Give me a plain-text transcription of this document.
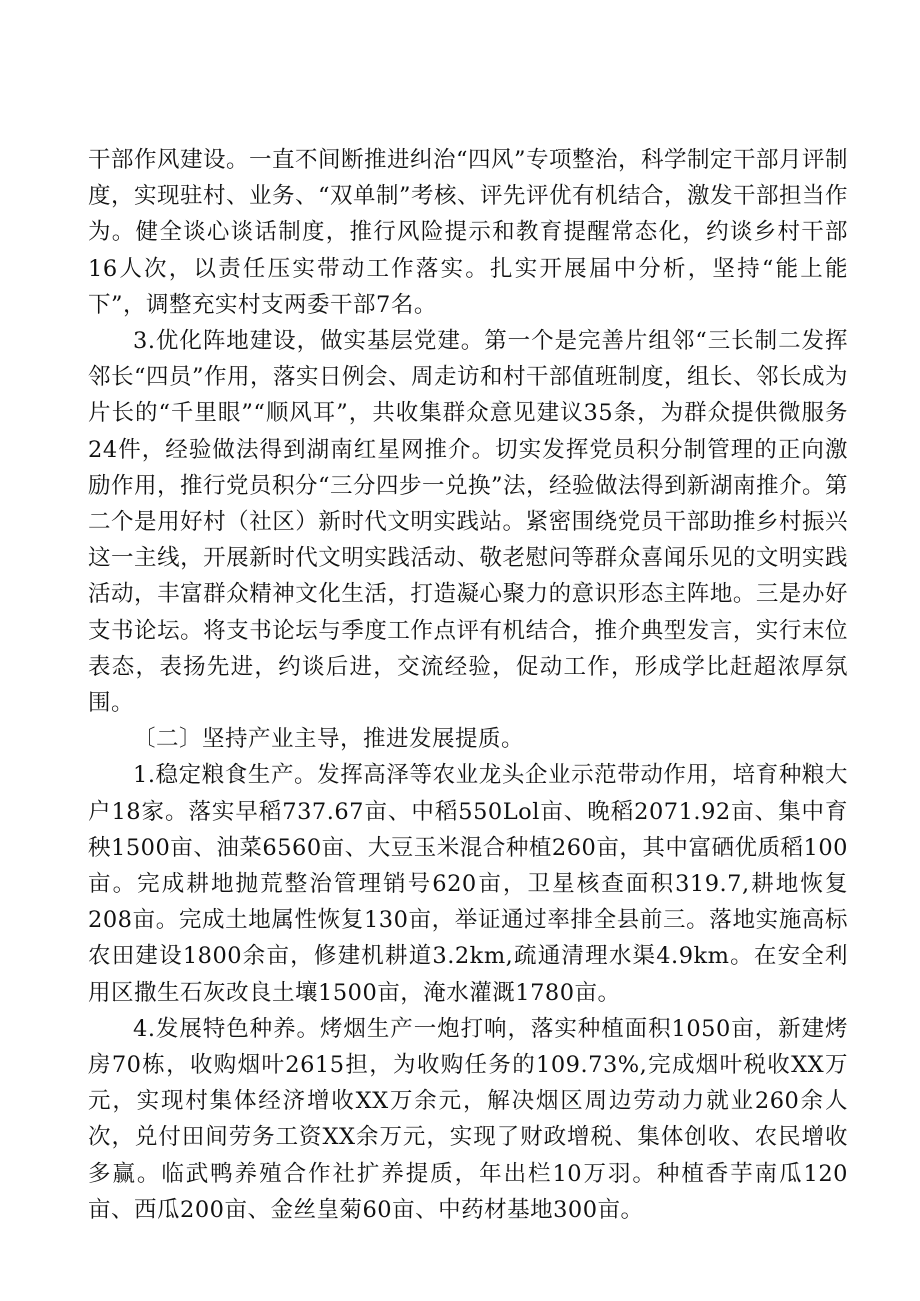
干部作风建设。一直不间断推进纠治“四风”专项整治，科学制定干部月评制度，实现驻村、业务、“双单制”考核、评先评优有机结合，激发干部担当作为。健全谈心谈话制度，推行风险提示和教育提醒常态化，约谈乡村干部16人次，以责任压实带动工作落实。扎实开展届中分析，坚持“能上能下”，调整充实村支两委干部7名。

3.优化阵地建设，做实基层党建。第一个是完善片组邻“三长制二发挥邻长“四员”作用，落实日例会、周走访和村干部值班制度，组长、邻长成为片长的“千里眼”“顺风耳”，共收集群众意见建议35条，为群众提供微服务24件，经验做法得到湖南红星网推介。切实发挥党员积分制管理的正向激励作用，推行党员积分“三分四步一兑换”法，经验做法得到新湖南推介。第二个是用好村（社区）新时代文明实践站。紧密围绕党员干部助推乡村振兴这一主线，开展新时代文明实践活动、敬老慰问等群众喜闻乐见的文明实践活动，丰富群众精神文化生活，打造凝心聚力的意识形态主阵地。三是办好支书论坛。将支书论坛与季度工作点评有机结合，推介典型发言，实行末位表态，表扬先进，约谈后进，交流经验，促动工作，形成学比赶超浓厚氛围。

〔二〕坚持产业主导，推进发展提质。

1.稳定粮食生产。发挥高泽等农业龙头企业示范带动作用，培育种粮大户18家。落实早稻737.67亩、中稻550Lol亩、晚稻2071.92亩、集中育秧1500亩、油菜6560亩、大豆玉米混合种植260亩，其中富硒优质稻100亩。完成耕地抛荒整治管理销号620亩，卫星核查面积319.7,耕地恢复208亩。完成土地属性恢复130亩，举证通过率排全县前三。落地实施高标农田建设1800余亩，修建机耕道3.2km,疏通清理水渠4.9km。在安全利用区撒生石灰改良土壤1500亩，淹水灌溉1780亩。

4.发展特色种养。烤烟生产一炮打响，落实种植面积1050亩，新建烤房70栋，收购烟叶2615担，为收购任务的109.73%,完成烟叶税收XX万元，实现村集体经济增收XX万余元，解决烟区周边劳动力就业260余人次，兑付田间劳务工资XX余万元，实现了财政增税、集体创收、农民增收多赢。临武鸭养殖合作社扩养提质，年出栏10万羽。种植香芋南瓜120亩、西瓜200亩、金丝皇菊60亩、中药材基地300亩。
